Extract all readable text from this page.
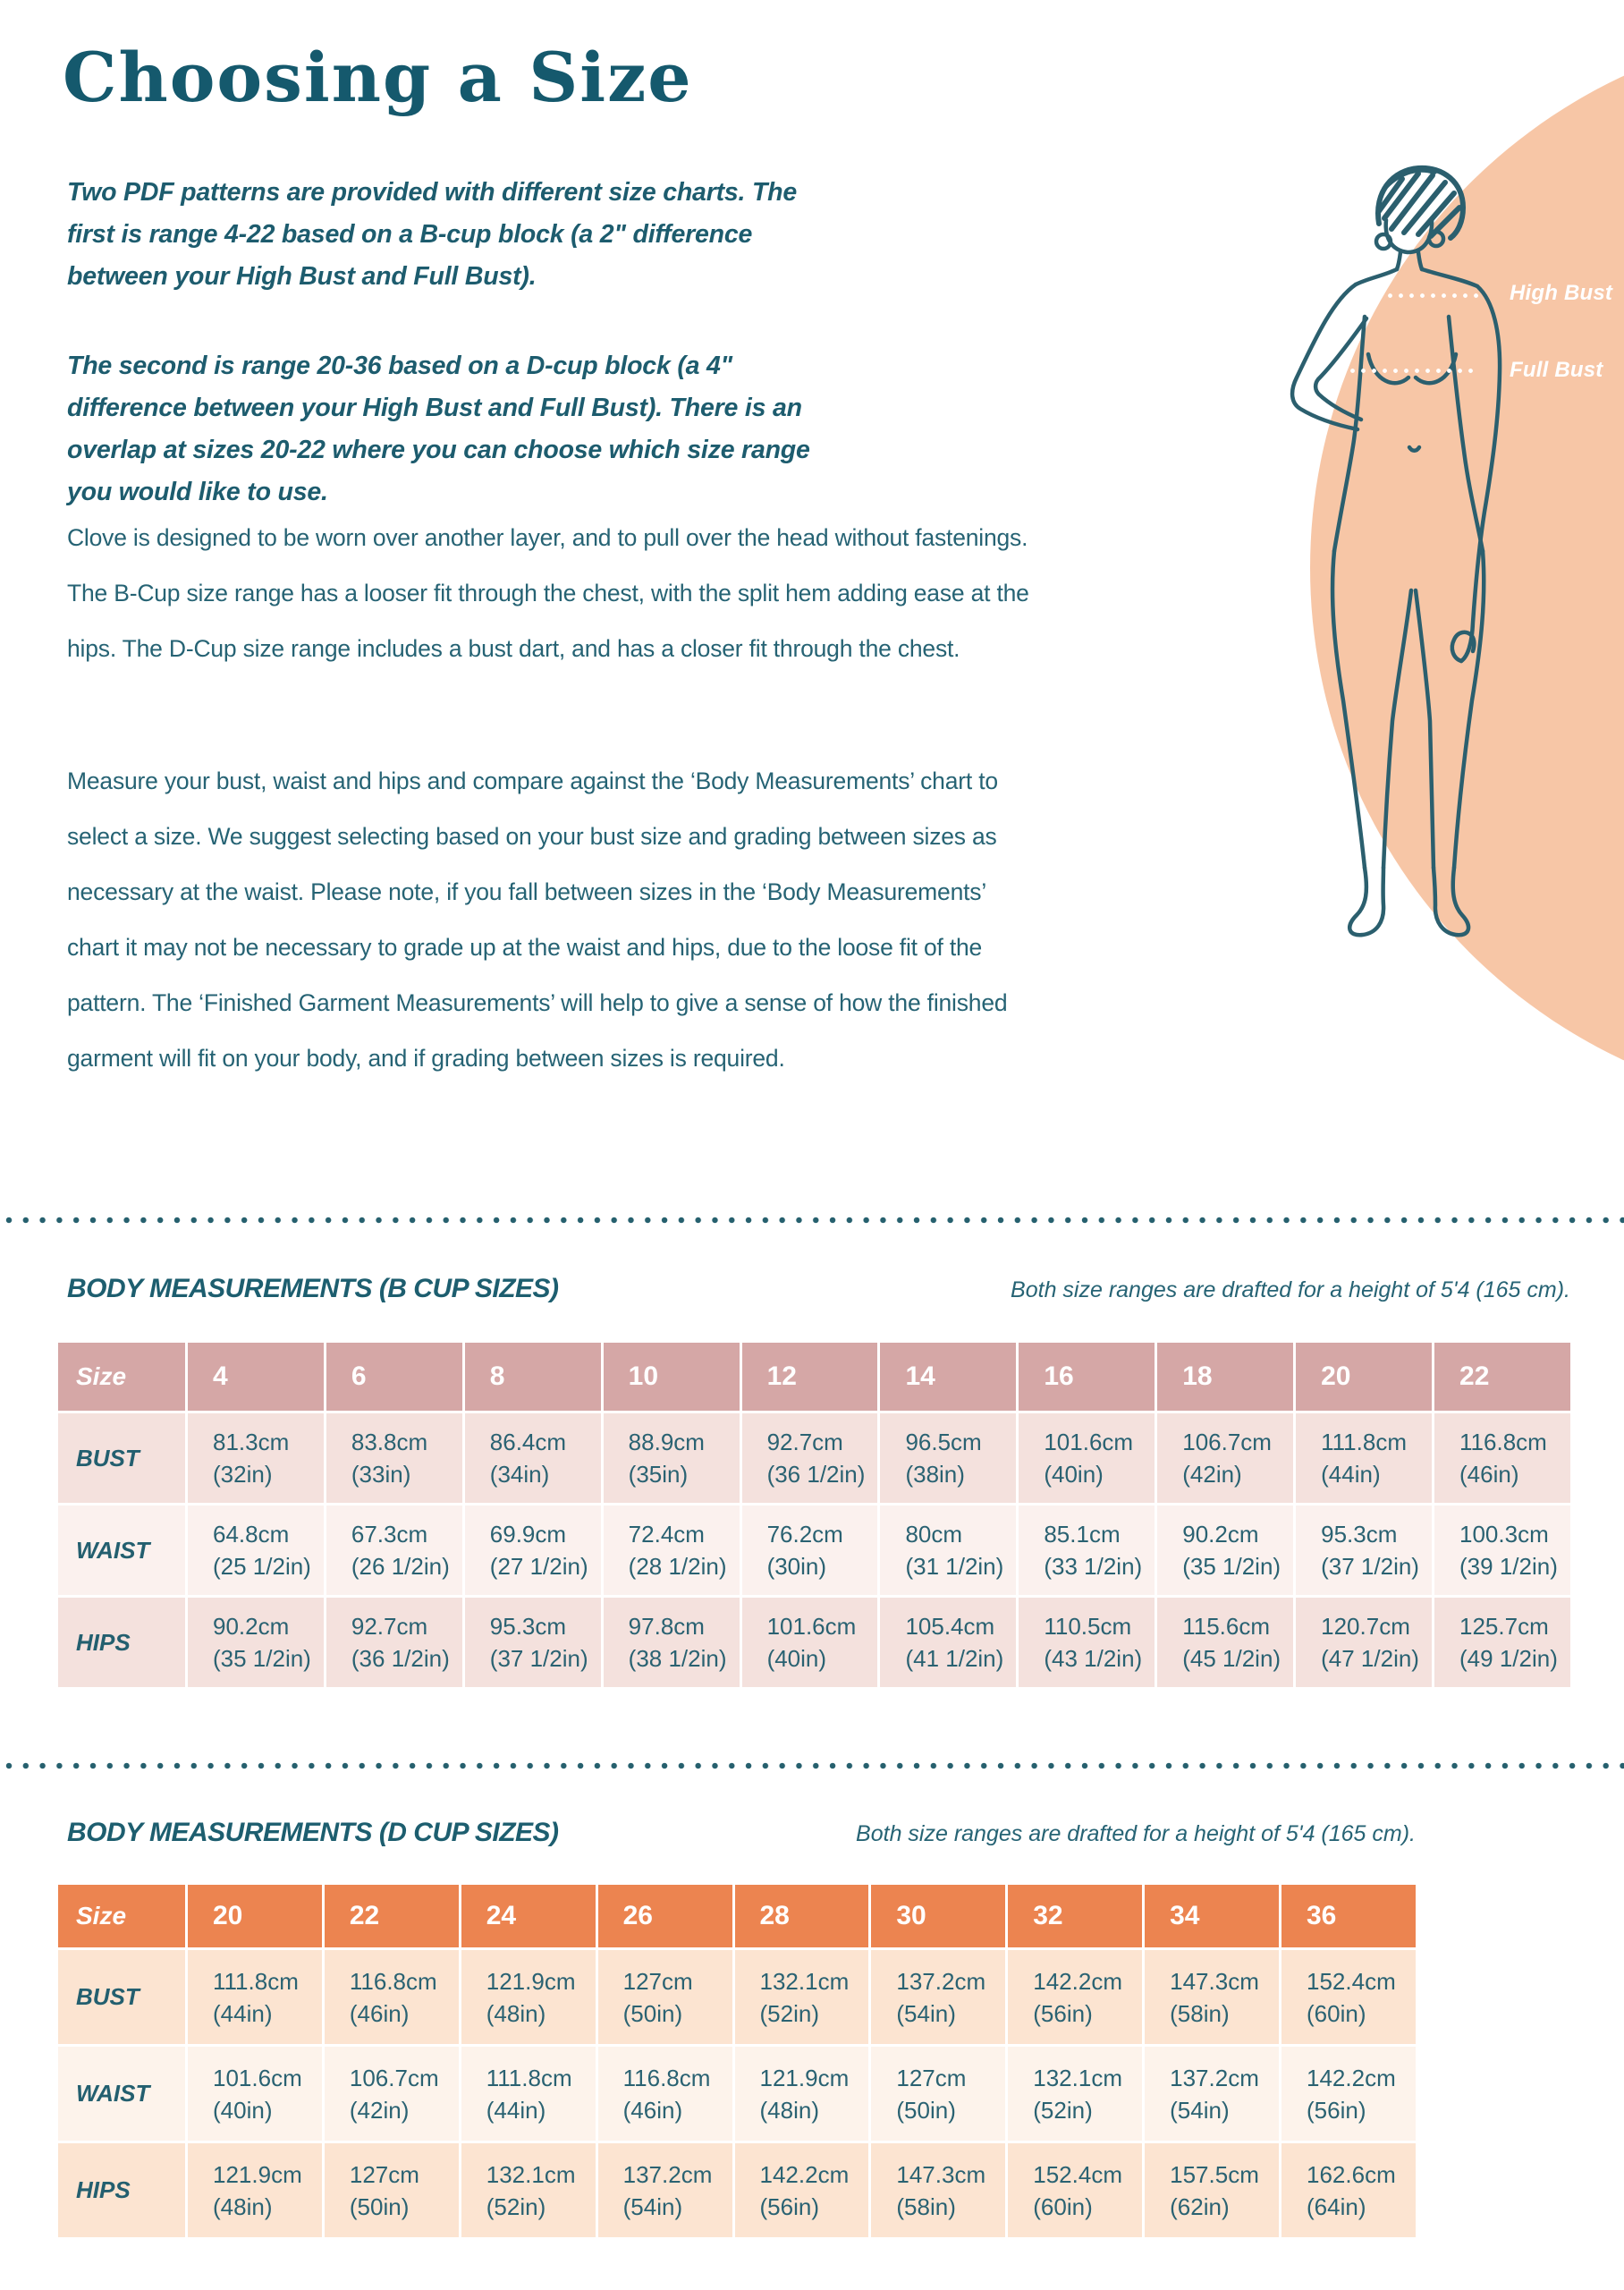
High Bust
Full Bust
Choosing a Size

Two PDF patterns are provided with different size charts. The first is range 4-22 based on a B-cup block (a 2" difference between your High Bust and Full Bust).

The second is range 20-36 based on a D-cup block (a 4" difference between your High Bust and Full Bust). There is an overlap at sizes 20-22 where you can choose which size range you would like to use.

Clove is designed to be worn over another layer, and to pull over the head without fastenings. The B-Cup size range has a looser fit through the chest, with the split hem adding ease at the hips. The D-Cup size range includes a bust dart, and has a closer fit through the chest.

Measure your bust, waist and hips and compare against the ‘Body Measurements’ chart to select a size. We suggest selecting based on your bust size and grading between sizes as necessary at the waist. Please note, if you fall between sizes in the ‘Body Measurements’ chart it may not be necessary to grade up at the waist and hips, due to the loose fit of the pattern. The ‘Finished Garment Measurements’ will help to give a sense of how the finished garment will fit on your body, and if grading between sizes is required.

BODY MEASUREMENTS (B CUP SIZES)	Both size ranges are drafted for a height of 5'4 (165 cm).
Size	4	6	8	10	12	14	16	18	20	22
BUST	
81.3cm
(32in)

83.8cm
(33in)

86.4cm
(34in)

88.9cm
(35in)

92.7cm
(36 1/2in)

96.5cm
(38in)

101.6cm
(40in)

106.7cm
(42in)

111.8cm
(44in)

116.8cm
(46in)

WAIST	
64.8cm
(25 1/2in)

67.3cm
(26 1/2in)

69.9cm
(27 1/2in)

72.4cm
(28 1/2in)

76.2cm
(30in)

80cm
(31 1/2in)

85.1cm
(33 1/2in)

90.2cm
(35 1/2in)

95.3cm
(37 1/2in)

100.3cm
(39 1/2in)

HIPS	
90.2cm
(35 1/2in)

92.7cm
(36 1/2in)

95.3cm
(37 1/2in)

97.8cm
(38 1/2in)

101.6cm
(40in)

105.4cm
(41 1/2in)

110.5cm
(43 1/2in)

115.6cm
(45 1/2in)

120.7cm
(47 1/2in)

125.7cm
(49 1/2in)
BODY MEASUREMENTS (D CUP SIZES)	Both size ranges are drafted for a height of 5'4 (165 cm).
Size	20	22	24	26	28	30	32	34	36
BUST	
111.8cm
(44in)

116.8cm
(46in)

121.9cm
(48in)

127cm
(50in)

132.1cm
(52in)

137.2cm
(54in)

142.2cm
(56in)

147.3cm
(58in)

152.4cm
(60in)

WAIST	
101.6cm
(40in)

106.7cm
(42in)

111.8cm
(44in)

116.8cm
(46in)

121.9cm
(48in)

127cm
(50in)

132.1cm
(52in)

137.2cm
(54in)

142.2cm
(56in)

HIPS	
121.9cm
(48in)

127cm
(50in)

132.1cm
(52in)

137.2cm
(54in)

142.2cm
(56in)

147.3cm
(58in)

152.4cm
(60in)

157.5cm
(62in)

162.6cm
(64in)
